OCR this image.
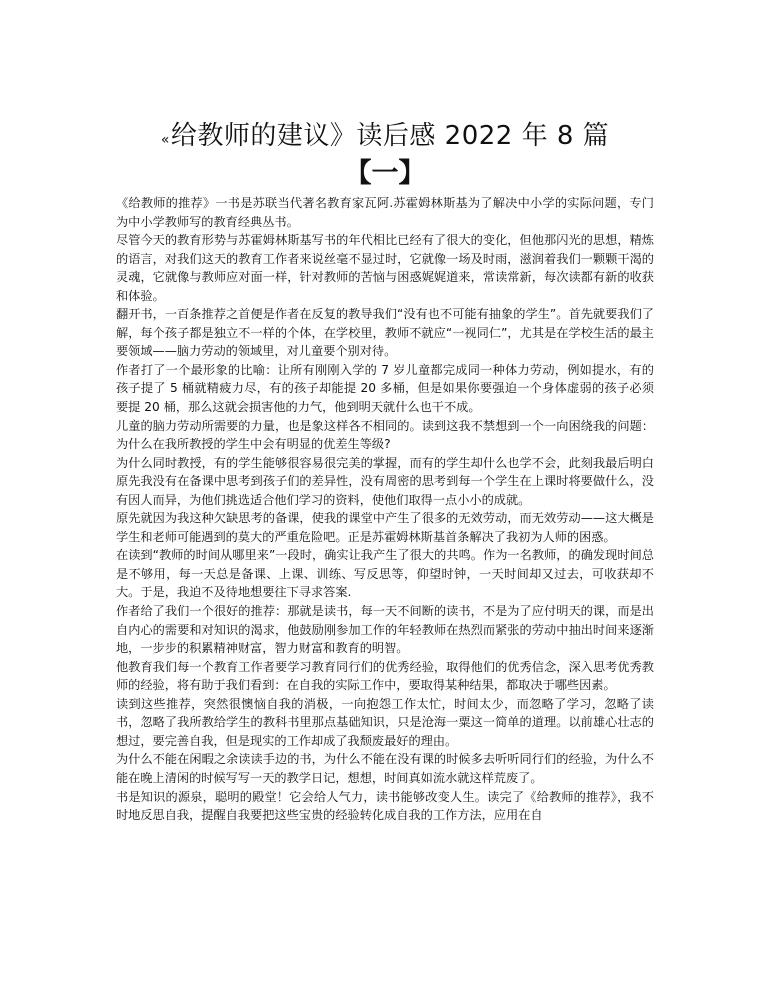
«给教师的建议》读后感 2022 年 8 篇
【一】

《给教师的推荐》一书是苏联当代著名教育家瓦阿.苏霍姆林斯基为了解决中小学的实际问题，专门为中小学教师写的教育经典丛书。

尽管今天的教育形势与苏霍姆林斯基写书的年代相比已经有了很大的变化，但他那闪光的思想，精炼的语言，对我们这天的教育工作者来说丝毫不显过时，它就像一场及时雨，滋润着我们一颗颗干渴的灵魂，它就像与教师应对面一样，针对教师的苦恼与困惑娓娓道来，常读常新，每次读都有新的收获和体验。

翻开书，一百条推荐之首便是作者在反复的教导我们“没有也不可能有抽象的学生”。首先就要我们了解，每个孩子都是独立不一样的个体，在学校里，教师不就应“一视同仁”，尤其是在学校生活的最主要领域——脑力劳动的领域里，对儿童要个别对待。

作者打了一个最形象的比喻：让所有刚刚入学的 7 岁儿童都完成同一种体力劳动，例如提水，有的孩子提了 5 桶就精疲力尽，有的孩子却能提 20 多桶，但是如果你要强迫一个身体虚弱的孩子必须要提 20 桶，那么这就会损害他的力气，他到明天就什么也干不成。

儿童的脑力劳动所需要的力量，也是象这样各不相同的。读到这我不禁想到一个一向困绕我的问题：为什么在我所教授的学生中会有明显的优差生等级?

为什么同时教授，有的学生能够很容易很完美的掌握，而有的学生却什么也学不会，此刻我最后明白原先我没有在备课中思考到孩子们的差异性，没有周密的思考到每一个学生在上课时将要做什么，没有因人而异，为他们挑选适合他们学习的资料，使他们取得一点小小的成就。

原先就因为我这种欠缺思考的备课，使我的课堂中产生了很多的无效劳动，而无效劳动——这大概是学生和老师可能遇到的莫大的严重危险吧。正是苏霍姆林斯基首条解决了我初为人师的困惑。

在读到“教师的时间从哪里来”一段时，确实让我产生了很大的共鸣。作为一名教师，的确发现时间总是不够用，每一天总是备课、上课、训练、写反思等，仰望时钟，一天时间却又过去，可收获却不大。于是，我迫不及待地想要往下寻求答案.

作者给了我们一个很好的推荐：那就是读书，每一天不间断的读书，不是为了应付明天的课，而是出自内心的需要和对知识的渴求，他鼓励刚参加工作的年轻教师在热烈而紧张的劳动中抽出时间来逐渐地，一步步的积累精神财富，智力财富和教育的明智。

他教育我们每一个教育工作者要学习教育同行们的优秀经验，取得他们的优秀信念，深入思考优秀教师的经验，将有助于我们看到：在自我的实际工作中，要取得某种结果，都取决于哪些因素。

读到这些推荐，突然很懊恼自我的消极，一向抱怨工作太忙，时间太少，而忽略了学习，忽略了读书，忽略了我所教给学生的教科书里那点基础知识，只是沧海一粟这一简单的道理。以前雄心壮志的想过，要完善自我，但是现实的工作却成了我颓废最好的理由。

为什么不能在闲暇之余读读手边的书，为什么不能在没有课的时候多去听听同行们的经验，为什么不能在晚上清闲的时候写写一天的教学日记，想想，时间真如流水就这样荒废了。

书是知识的源泉，聪明的殿堂！它会给人气力，读书能够改变人生。读完了《给教师的推荐》，我不时地反思自我，提醒自我要把这些宝贵的经验转化成自我的工作方法，应用在自
